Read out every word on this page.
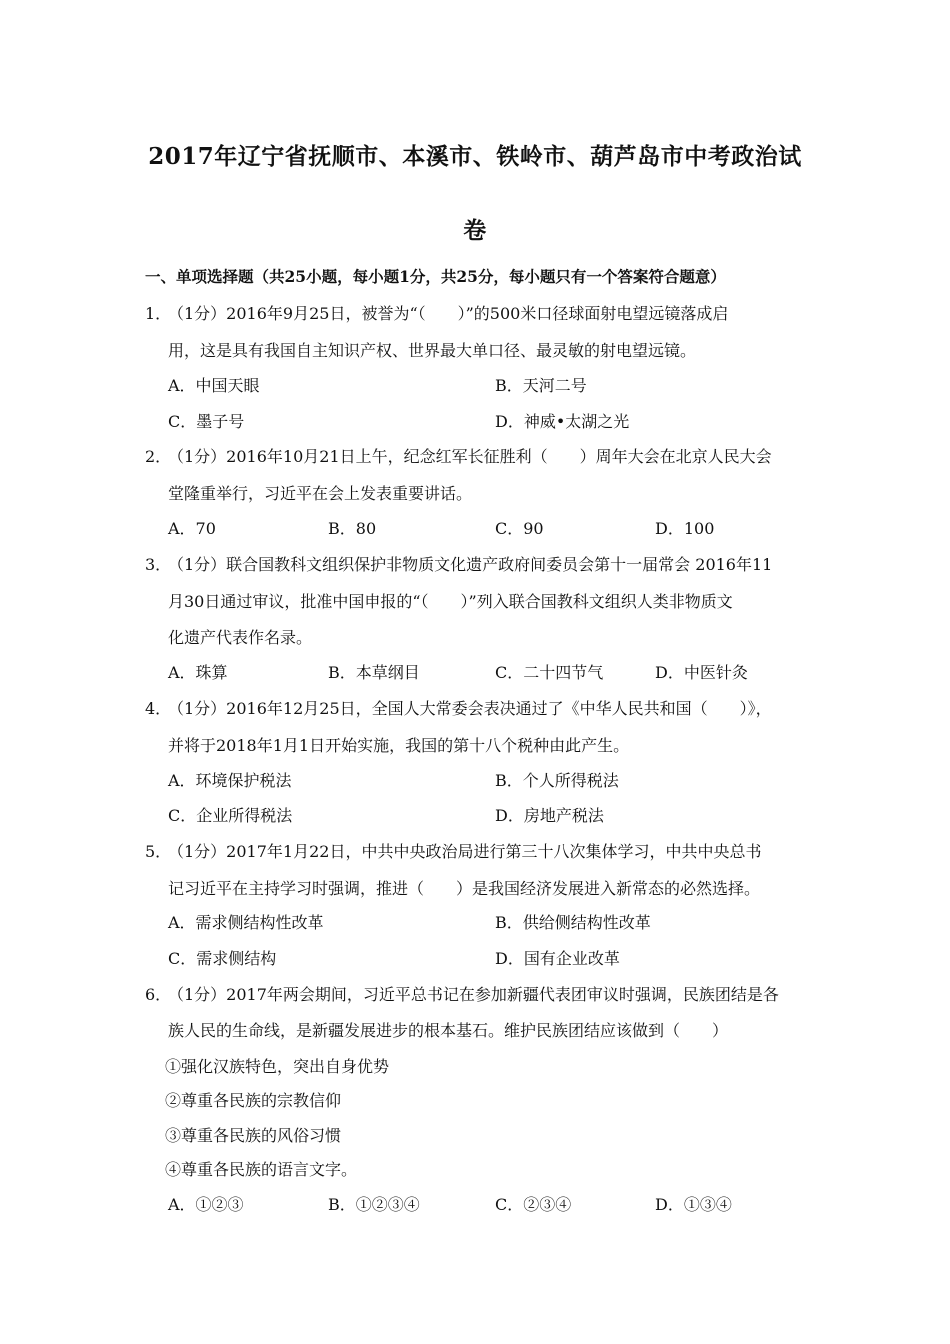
2017年辽宁省抚顺市、本溪市、铁岭市、葫芦岛市中考政治试
卷
一、单项选择题（共25小题，每小题1分，共25分，每小题只有一个答案符合题意）
1．
（1分）2016年9月25日，被誉为“（　　）”的500米口径球面射电望远镜落成启
用，这是具有我国自主知识产权、世界最大单口径、最灵敏的射电望远镜。
A．中国天眼	B．天河二号
C．墨子号	D．神威•太湖之光
2．
（1分）2016年10月21日上午，纪念红军长征胜利（　　）周年大会在北京人民大会
堂隆重举行，习近平在会上发表重要讲话。
A．70	B．80	C．90	D．100
3．
（1分）联合国教科文组织保护非物质文化遗产政府间委员会第十一届常会 2016年11
月30日通过审议，批准中国申报的“（　　）”列入联合国教科文组织人类非物质文
化遗产代表作名录。
A．珠算	B．本草纲目	C．二十四节气	D．中医针灸
4．
（1分）2016年12月25日，全国人大常委会表决通过了《中华人民共和国（　　）》，
并将于2018年1月1日开始实施，我国的第十八个税种由此产生。
A．环境保护税法	B．个人所得税法
C．企业所得税法	D．房地产税法
5．
（1分）2017年1月22日，中共中央政治局进行第三十八次集体学习，中共中央总书
记习近平在主持学习时强调，推进（　　）是我国经济发展进入新常态的必然选择。
A．需求侧结构性改革	B．供给侧结构性改革
C．需求侧结构	D．国有企业改革
6．
（1分）2017年两会期间，习近平总书记在参加新疆代表团审议时强调，民族团结是各
族人民的生命线，是新疆发展进步的根本基石。维护民族团结应该做到（　　）
①强化汉族特色，突出自身优势
②尊重各民族的宗教信仰
③尊重各民族的风俗习惯
④尊重各民族的语言文字。
A．①②③	B．①②③④	C．②③④	D．①③④
